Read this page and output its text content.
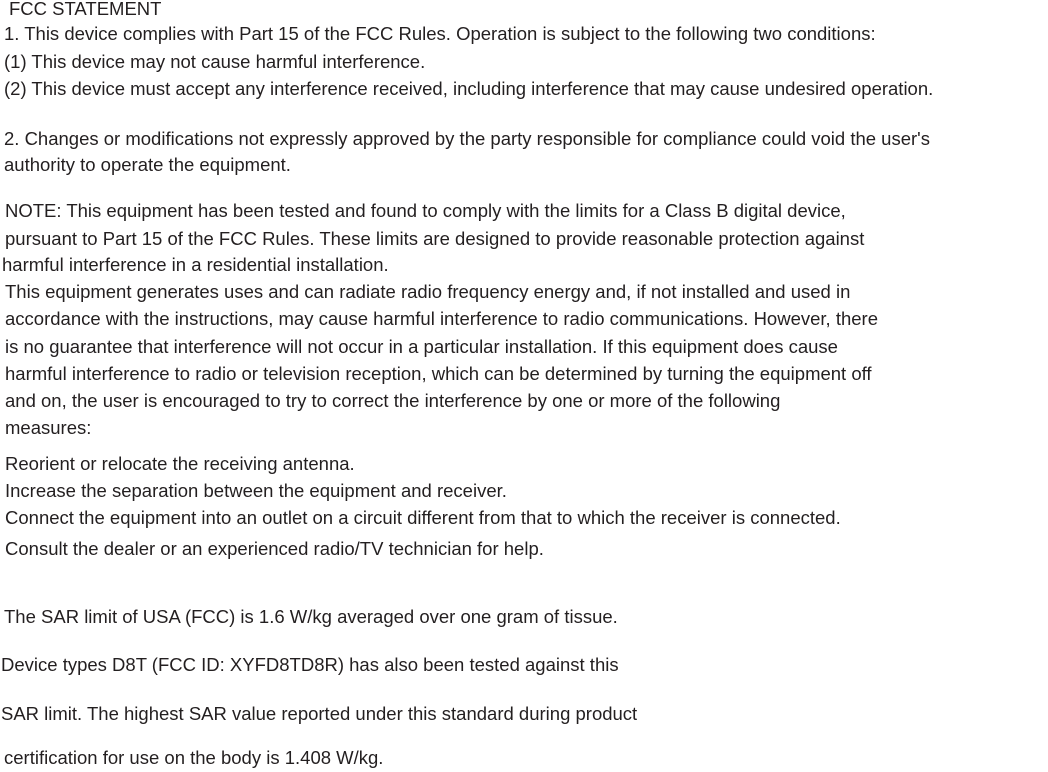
FCC STATEMENT
1. This device complies with Part 15 of the FCC Rules. Operation is subject to the following two conditions:
(1) This device may not cause harmful interference.
(2) This device must accept any interference received, including interference that may cause undesired operation.
2. Changes or modifications not expressly approved by the party responsible for compliance could void the user's
authority to operate the equipment.
NOTE: This equipment has been tested and found to comply with the limits for a Class B digital device,
pursuant to Part 15 of the FCC Rules. These limits are designed to provide reasonable protection against
harmful interference in a residential installation.
This equipment generates uses and can radiate radio frequency energy and, if not installed and used in
accordance with the instructions, may cause harmful interference to radio communications. However, there
is no guarantee that interference will not occur in a particular installation. If this equipment does cause
harmful interference to radio or television reception, which can be determined by turning the equipment off
and on, the user is encouraged to try to correct the interference by one or more of the following
measures:
Reorient or relocate the receiving antenna.
Increase the separation between the equipment and receiver.
Connect the equipment into an outlet on a circuit different from that to which the receiver is connected.
Consult the dealer or an experienced radio/TV technician for help.
The SAR limit of USA (FCC) is 1.6 W/kg averaged over one gram of tissue.
Device types D8T (FCC ID: XYFD8TD8R) has also been tested against this
SAR limit. The highest SAR value reported under this standard during product
certification for use on the body is 1.408 W/kg.
